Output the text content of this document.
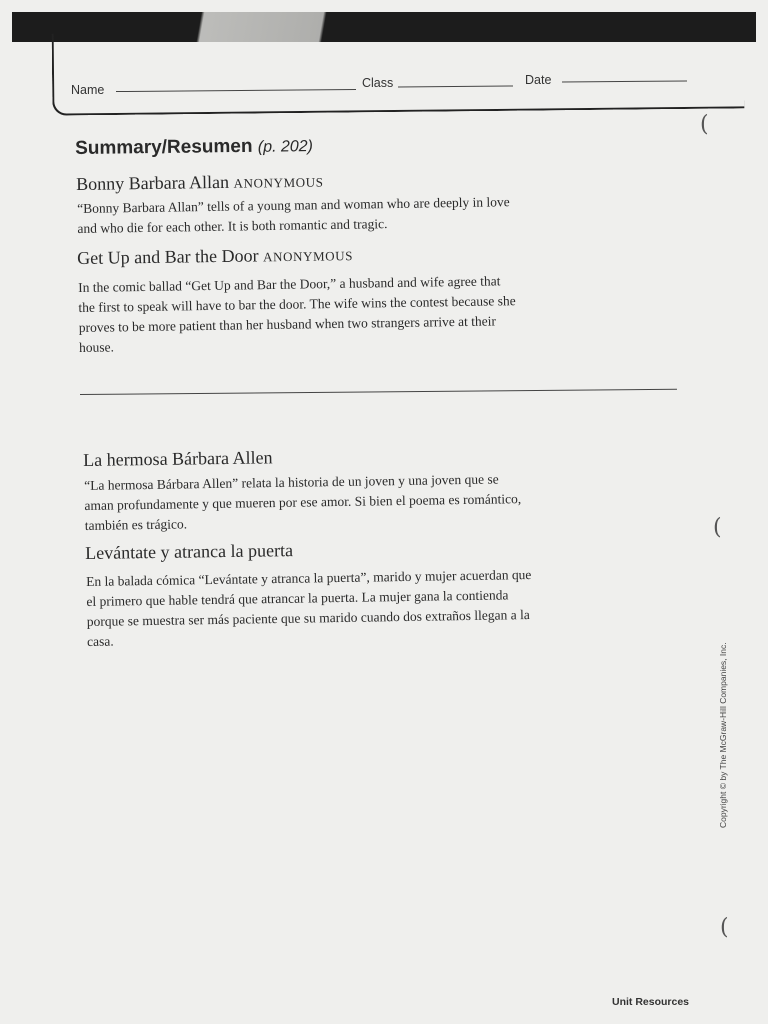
Name	Class	Date
Summary/Resumen (p. 202)
Bonny Barbara Allan ANONYMOUS
“Bonny Barbara Allan” tells of a young man and woman who are deeply in love
and who die for each other. It is both romantic and tragic.
Get Up and Bar the Door ANONYMOUS
In the comic ballad “Get Up and Bar the Door,” a husband and wife agree that
the first to speak will have to bar the door. The wife wins the contest because she
proves to be more patient than her husband when two strangers arrive at their
house.
La hermosa Bárbara Allen
“La hermosa Bárbara Allen” relata la historia de un joven y una joven que se
aman profundamente y que mueren por ese amor. Si bien el poema es romántico,
también es trágico.
Levántate y atranca la puerta
En la balada cómica “Levántate y atranca la puerta”, marido y mujer acuerdan que
el primero que hable tendrá que atrancar la puerta. La mujer gana la contienda
porque se muestra ser más paciente que su marido cuando dos extraños llegan a la
casa.
(
(
(
Copyright © by The McGraw-Hill Companies, Inc.
Unit Resources
